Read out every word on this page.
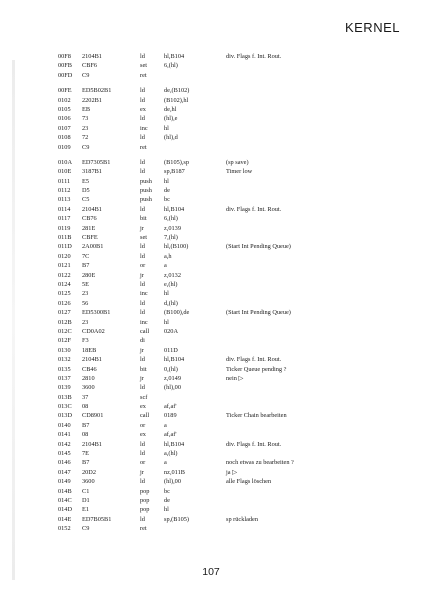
KERNEL
00F8	2104B1	ld	hl,B104	div. Flags f. Int. Rout.
00FB	CBF6	set	6,(hl)
00FD	C9	ret
00FE	ED5B02B1	ld	de,(B102)
0102	2202B1	ld	(B102),hl
0105	EB	ex	de,hl
0106	73	ld	(hl),e
0107	23	inc	hl
0108	72	ld	(hl),d
0109	C9	ret
010A	ED7305B1	ld	(B105),sp	(sp save)
010E	3187B1	ld	sp,B187	Timer low
0111	E5	push	hl
0112	D5	push	de
0113	C5	push	bc
0114	2104B1	ld	hl,B104	div. Flags f. Int. Rout.
0117	CB76	bit	6,(hl)
0119	281E	jr	z,0139
011B	CBFE	set	7,(hl)
011D	2A00B1	ld	hl,(B100)	(Start Int Pending Queue)
0120	7C	ld	a,h
0121	B7	or	a
0122	280E	jr	z,0132
0124	5E	ld	e,(hl)
0125	23	inc	hl
0126	56	ld	d,(hl)
0127	ED5300B1	ld	(B100),de	(Start Int Pending Queue)
012B	23	inc	hl
012C	CD0A02	call	020A
012F	F3	di
0130	18EB	jr	011D
0132	2104B1	ld	hl,B104	div. Flags f. Int. Rout.
0135	CB46	bit	0,(hl)	Ticker Queue pending ?
0137	2810	jr	z,0149	nein ▷
0139	3600	ld	(hl),00
013B	37	scf
013C	08	ex	af,af'
013D	CD8901	call	0189	Ticker Chain bearbeiten
0140	B7	or	a
0141	08	ex	af,af'
0142	2104B1	ld	hl,B104	div. Flags f. Int. Rout.
0145	7E	ld	a,(hl)
0146	B7	or	a	noch etwas zu bearbeiten ?
0147	20D2	jr	nz,011B	ja ▷
0149	3600	ld	(hl),00	alle Flags löschen
014B	C1	pop	bc
014C	D1	pop	de
014D	E1	pop	hl
014E	ED7B05B1	ld	sp,(B105)	sp rückladen
0152	C9	ret
107
